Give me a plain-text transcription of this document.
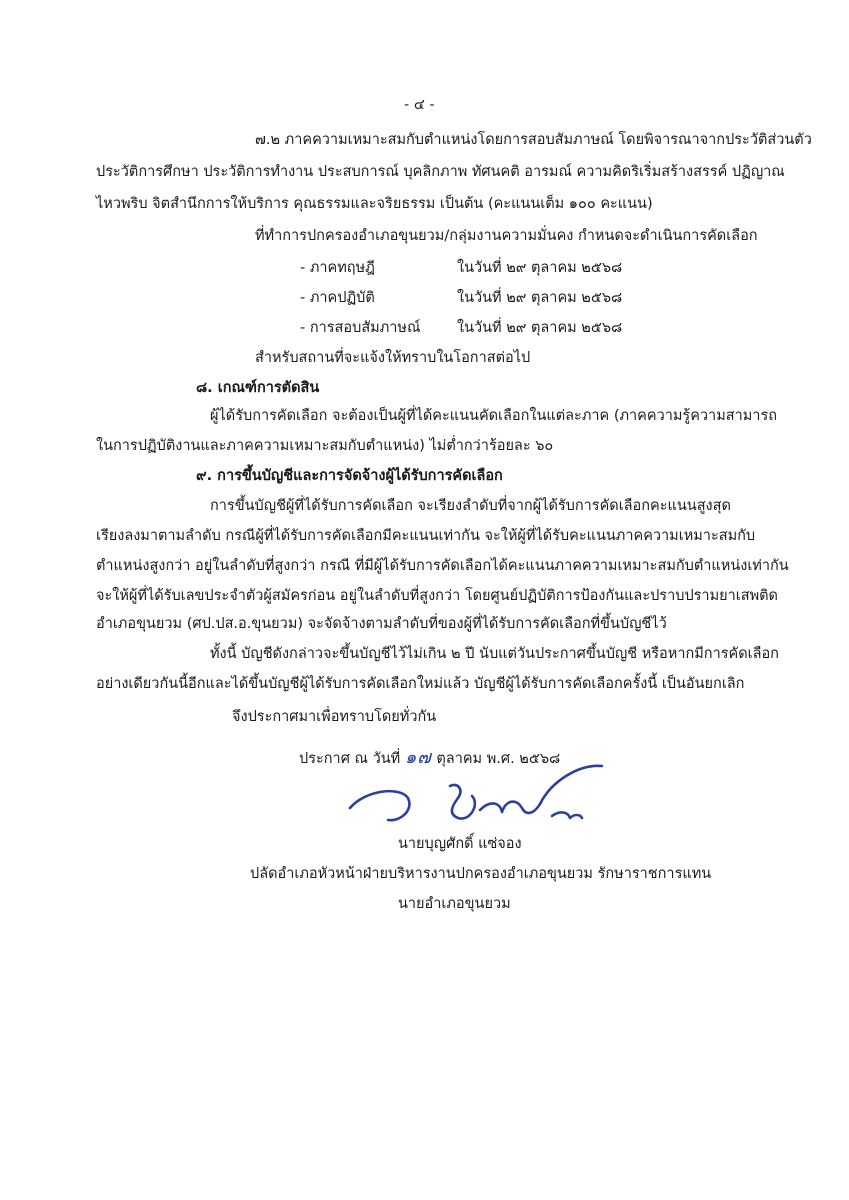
- ๔ -
๗.๒ ภาคความเหมาะสมกับตำแหน่งโดยการสอบสัมภาษณ์ โดยพิจารณาจากประวัติส่วนตัว
ประวัติการศึกษา ประวัติการทำงาน ประสบการณ์ บุคลิกภาพ ทัศนคติ อารมณ์ ความคิดริเริ่มสร้างสรรค์ ปฏิญาณ
ไหวพริบ จิตสำนึกการให้บริการ คุณธรรมและจริยธรรม เป็นต้น (คะแนนเต็ม ๑๐๐ คะแนน)
ที่ทำการปกครองอำเภอขุนยวม/กลุ่มงานความมั่นคง กำหนดจะดำเนินการคัดเลือก
- ภาคทฤษฎี	ในวันที่ ๒๙ ตุลาคม ๒๕๖๘
- ภาคปฏิบัติ	ในวันที่ ๒๙ ตุลาคม ๒๕๖๘
- การสอบสัมภาษณ์	ในวันที่ ๒๙ ตุลาคม ๒๕๖๘
สำหรับสถานที่จะแจ้งให้ทราบในโอกาสต่อไป
๘. เกณฑ์การตัดสิน
ผู้ได้รับการคัดเลือก จะต้องเป็นผู้ที่ได้คะแนนคัดเลือกในแต่ละภาค (ภาคความรู้ความสามารถ
ในการปฏิบัติงานและภาคความเหมาะสมกับตำแหน่ง) ไม่ต่ำกว่าร้อยละ ๖๐
๙. การขึ้นบัญชีและการจัดจ้างผู้ได้รับการคัดเลือก
การขึ้นบัญชีผู้ที่ได้รับการคัดเลือก จะเรียงลำดับที่จากผู้ได้รับการคัดเลือกคะแนนสูงสุด
เรียงลงมาตามลำดับ กรณีผู้ที่ได้รับการคัดเลือกมีคะแนนเท่ากัน จะให้ผู้ที่ได้รับคะแนนภาคความเหมาะสมกับ
ตำแหน่งสูงกว่า อยู่ในลำดับที่สูงกว่า กรณี ที่มีผู้ได้รับการคัดเลือกได้คะแนนภาคความเหมาะสมกับตำแหน่งเท่ากัน
จะให้ผู้ที่ได้รับเลขประจำตัวผู้สมัครก่อน อยู่ในลำดับที่สูงกว่า โดยศูนย์ปฏิบัติการป้องกันและปราบปรามยาเสพติด
อำเภอขุนยวม (ศป.ปส.อ.ขุนยวม) จะจัดจ้างตามลำดับที่ของผู้ที่ได้รับการคัดเลือกที่ขึ้นบัญชีไว้
ทั้งนี้ บัญชีดังกล่าวจะขึ้นบัญชีไว้ไม่เกิน ๒ ปี นับแต่วันประกาศขึ้นบัญชี หรือหากมีการคัดเลือก
อย่างเดียวกันนี้อีกและได้ขึ้นบัญชีผู้ได้รับการคัดเลือกใหม่แล้ว บัญชีผู้ได้รับการคัดเลือกครั้งนี้ เป็นอันยกเลิก
จึงประกาศมาเพื่อทราบโดยทั่วกัน
ประกาศ ณ วันที่ ๑๗ ตุลาคม พ.ศ. ๒๕๖๘
นายบุญศักดิ์ แซ่จอง
ปลัดอำเภอหัวหน้าฝ่ายบริหารงานปกครองอำเภอขุนยวม รักษาราชการแทน
นายอำเภอขุนยวม
